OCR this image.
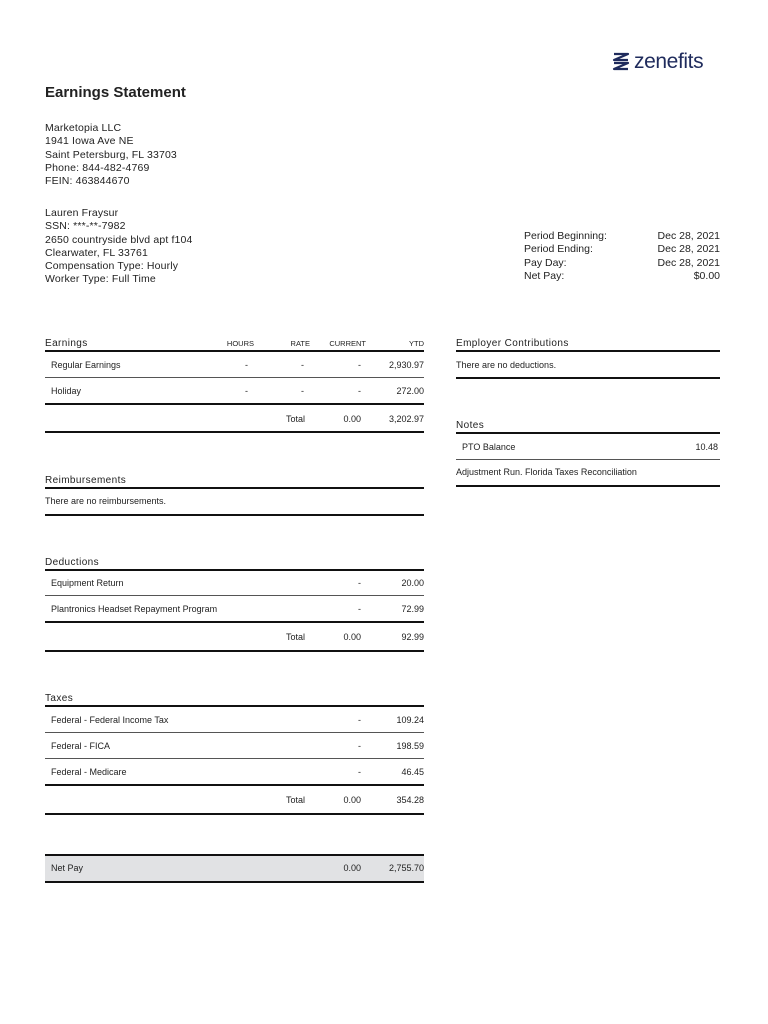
Earnings Statement
zenefits
Marketopia LLC
1941 Iowa Ave NE
Saint Petersburg, FL 33703
Phone: 844-482-4769
FEIN: 463844670
Lauren Fraysur
SSN: ***-**-7982
2650 countryside blvd apt f104
Clearwater, FL 33761
Compensation Type: Hourly
Worker Type: Full Time
Period Beginning:	Dec 28, 2021
Period Ending:	Dec 28, 2021
Pay Day:	Dec 28, 2021
Net Pay:	$0.00
Earnings	HOURS	RATE	CURRENT	YTD
Regular Earnings	-	-	-	2,930.97
Holiday	-	-	-	272.00
Total	0.00	3,202.97
Reimbursements
There are no reimbursements.
Deductions
Equipment Return	-	20.00
Plantronics Headset Repayment Program	-	72.99
Total	0.00	92.99
Taxes
Federal - Federal Income Tax	-	109.24
Federal - FICA	-	198.59
Federal - Medicare	-	46.45
Total	0.00	354.28
Net Pay	0.00	2,755.70
Employer Contributions
There are no deductions.
Notes
PTO Balance	10.48
Adjustment Run. Florida Taxes Reconciliation
